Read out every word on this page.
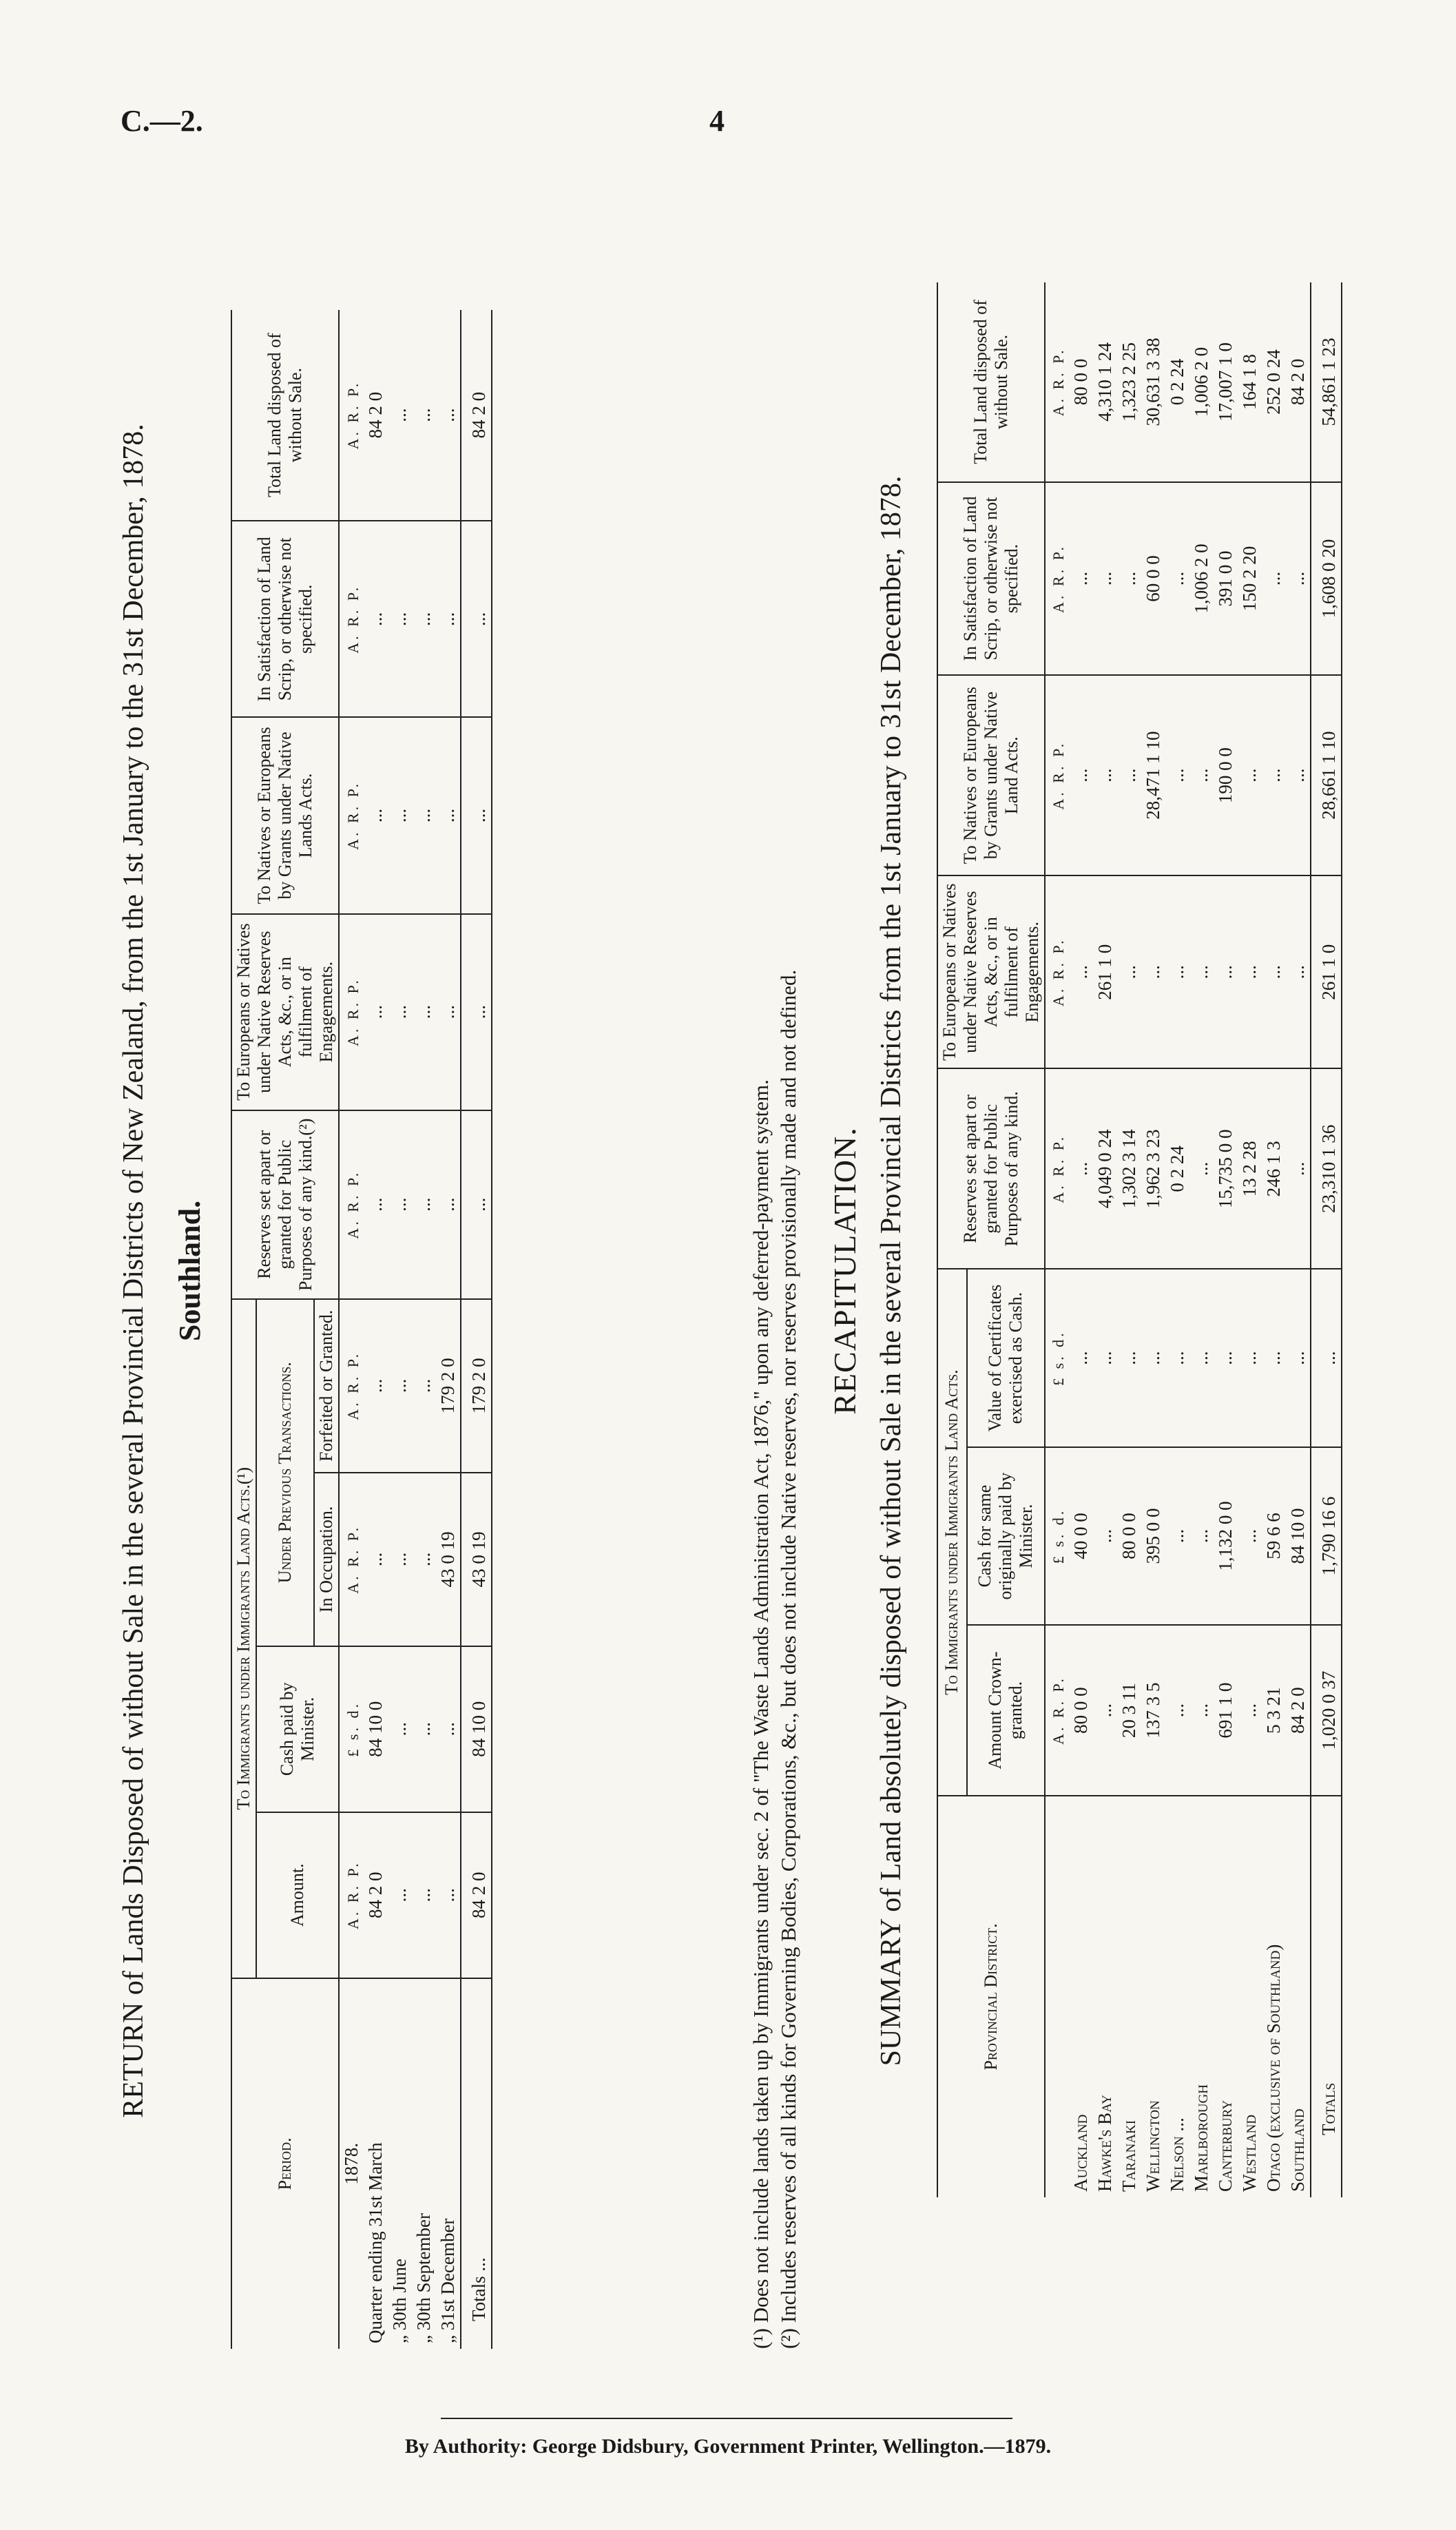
C.—2.	4
RETURN of Lands Disposed of without Sale in the several Provincial Districts of New Zealand, from the 1st January to the 31st December, 1878. Southland.
Period.	To Immigrants under Immigrants Land Acts.(¹)				Reserves set apart or granted for Public Purposes of any kind.(²)	To Europeans or Natives under Native Reserves Acts, &c., or in fulfilment of Engagements.	To Natives or Europeans by Grants under Native Lands Acts.	In Satisfaction of Land Scrip, or otherwise not specified.	Total Land disposed of without Sale.
	Amount.	Cash paid by Minister.	Under Previous Transactions.						
			In Occupation.	Forfeited or Granted.					
1878.	A. R. P.	£ s. d.	A. R. P.	A. R. P.	A. R. P.	A. R. P.	A. R. P.	A. R. P.	A. R. P.
Quarter ending 31st March	84 2 0	84 10 0	...	...	...	...	...	...	84 2 0
„ 30th June	...	...	...	...	...	...	...	...	...
„ 30th September	...	...	...	...	...	...	...	...	...
„ 31st December	...	...	43 0 19	179 2 0	...	...	...	...	...
Totals ...	84 2 0	84 10 0	43 0 19	179 2 0	...	...	...	...	84 2 0
(¹) Does not include lands taken up by Immigrants under sec. 2 of "The Waste Lands Administration Act, 1876," upon any deferred-payment system. (²) Includes reserves of all kinds for Governing Bodies, Corporations, &c., but does not include Native reserves, nor reserves provisionally made and not defined. RECAPITULATION. SUMMARY of Land absolutely disposed of without Sale in the several Provincial Districts from the 1st January to 31st December, 1878.	Provincial District.	To Immigrants under Immigrants Land Acts.			Reserves set apart or granted for Public Purposes of any kind.	To Europeans or Natives under Native Reserves Acts, &c., or in fulfilment of Engagements.	To Natives or Europeans by Grants under Native Land Acts.	In Satisfaction of Land Scrip, or otherwise not specified.	Total Land disposed of without Sale.
	Amount Crown-granted.	Cash for same originally paid by Minister.	Value of Certificates exercised as Cash.					
	A. R. P.	£ s. d.	£ s. d.	A. R. P.	A. R. P.	A. R. P.	A. R. P.	A. R. P.
Auckland	80 0 0	40 0 0	...	...	...	...	...	80 0 0
Hawke's Bay	...	...	...	4,049 0 24	261 1 0	...	...	4,310 1 24
Taranaki	20 3 11	80 0 0	...	1,302 3 14	...	...	...	1,323 2 25
Wellington	137 3 5	395 0 0	...	1,962 3 23	...	28,471 1 10	60 0 0	30,631 3 38
Nelson ...	...	...	...	0 2 24	...	...	...	0 2 24
Marlborough	...	...	...	...	...	...	1,006 2 0	1,006 2 0
Canterbury	691 1 0	1,132 0 0	...	15,735 0 0	...	190 0 0	391 0 0	17,007 1 0
Westland	...	...	...	13 2 28	...	...	150 2 20	164 1 8
Otago (exclusive of Southland)	5 3 21	59 6 6	...	246 1 3	...	...	...	252 0 24
Southland	84 2 0	84 10 0	...	...	...	...	...	84 2 0
Totals	1,020 0 37	1,790 16 6	...	23,310 1 36	261 1 0	28,661 1 10	1,608 0 20	54,861 1 23
By Authority: George Didsbury, Government Printer, Wellington.—1879.
